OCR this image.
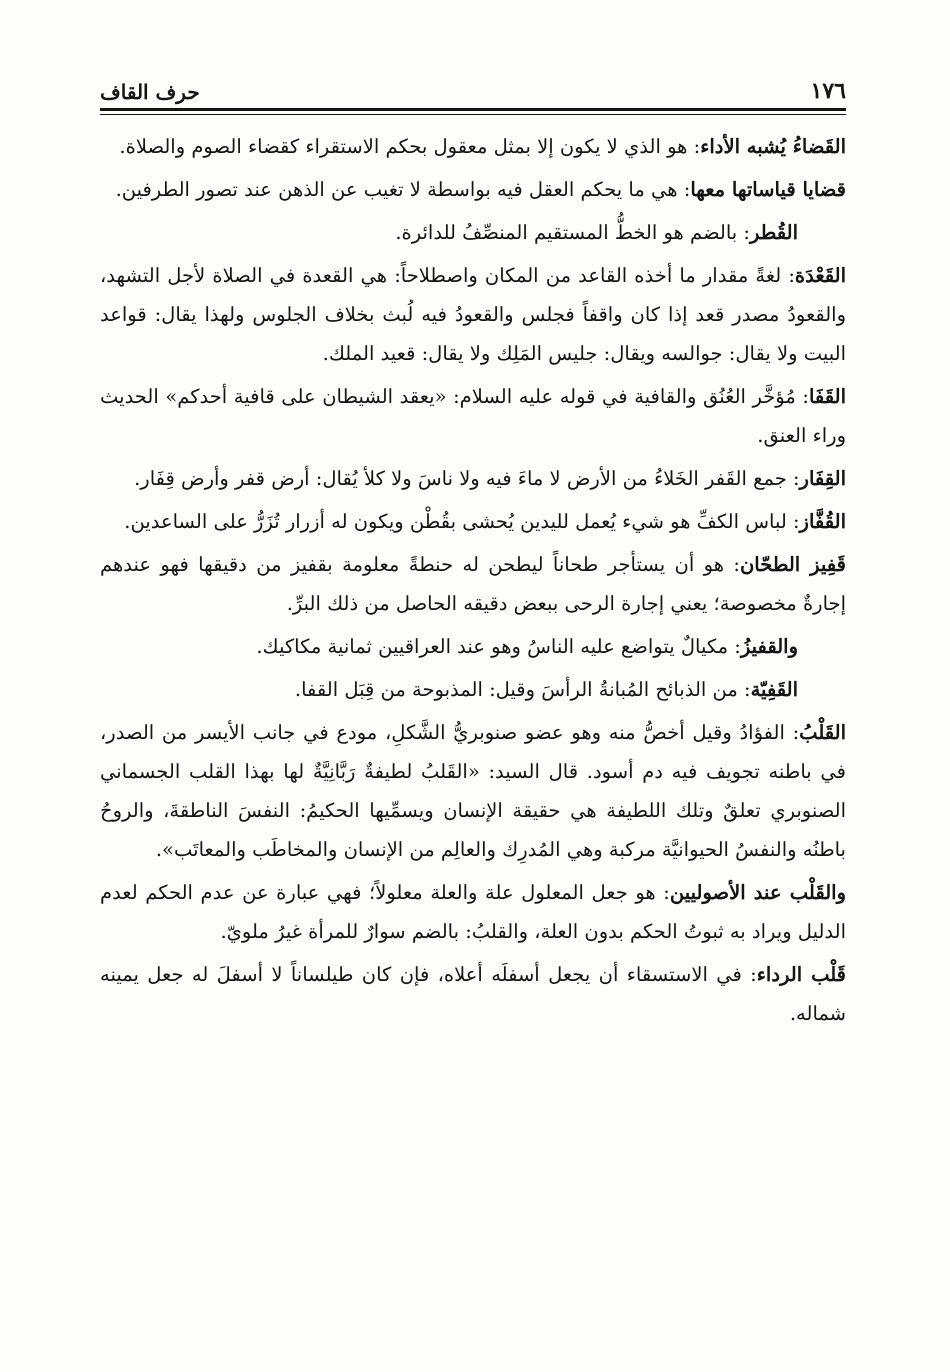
١٧٦
حرف القاف

القَضاءُ يُشبه الأداء: هو الذي لا يكون إلا بمثل معقول بحكم الاستقراء كقضاء الصوم والصلاة.

قضايا قياساتها معها: هي ما يحكم العقل فيه بواسطة لا تغيب عن الذهن عند تصور الطرفين.

القُطر: بالضم هو الخطُّ المستقيم المنصِّفُ للدائرة.

القَعْدَة: لغةً مقدار ما أخذه القاعد من المكان واصطلاحاً: هي القعدة في الصلاة لأجل التشهد، والقعودُ مصدر قعد إذا كان واقفاً فجلس والقعودُ فيه لُبث بخلاف الجلوس ولهذا يقال: قواعد البيت ولا يقال: جوالسه ويقال: جليس المَلِك ولا يقال: قعيد الملك.

القَفَا: مُؤخَّر العُنُق والقافية في قوله عليه السلام: «يعقد الشيطان على قافية أحدكم» الحديث وراء العنق.

القِفَار: جمع القَفر الخَلاءُ من الأرض لا ماءَ فيه ولا ناسَ ولا كلأ يُقال: أرض قفر وأرض قِفَار.

القُفَّاز: لباس الكفِّ هو شيء يُعمل لليدين يُحشى بقُطْن ويكون له أزرار تُزَرُّ على الساعدين.

قَفِيز الطحّان: هو أن يستأجر طحاناً ليطحن له حنطةً معلومة بقفيز من دقيقها فهو عندهم إجارةٌ مخصوصة؛ يعني إجارة الرحى ببعض دقيقه الحاصل من ذلك البرِّ.

والقفيزُ: مكيالٌ يتواضع عليه الناسُ وهو عند العراقيين ثمانية مكاكيك.

القَفِيّة: من الذبائح المُبانةُ الرأسَ وقيل: المذبوحة من قِبَل القفا.

القَلْبُ: الفؤادُ وقيل أخصُّ منه وهو عضو صنوبريُّ الشَّكلِ، مودع في جانب الأيسر من الصدر، في باطنه تجويف فيه دم أسود. قال السيد: «القَلبُ لطيفةٌ رَبَّانِيَّةٌ لها بهذا القلب الجسماني الصنوبري تعلقٌ وتلك اللطيفة هي حقيقة الإنسان ويسمِّيها الحكيمُ: النفسَ الناطقةَ، والروحُ باطنُه والنفسُ الحيوانيَّة مركبة وهي المُدرِك والعالِم من الإنسان والمخاطَب والمعاتَب».

والقَلْب عند الأصوليين: هو جعل المعلول علة والعلة معلولاً؛ فهي عبارة عن عدم الحكم لعدم الدليل ويراد به ثبوتُ الحكم بدون العلة، والقلبُ: بالضم سوارٌ للمرأة غيرُ ملويّ.

قَلْب الرداء: في الاستسقاء أن يجعل أسفلَه أعلاه، فإن كان طيلساناً لا أسفلَ له جعل يمينه شماله.
